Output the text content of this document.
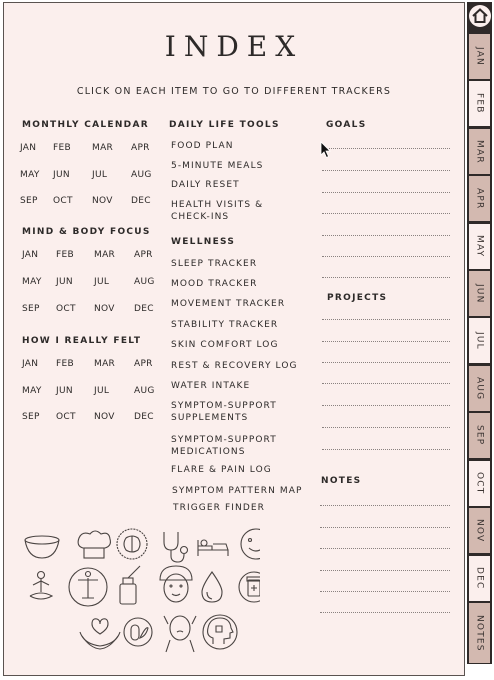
INDEX
CLICK ON EACH ITEM TO GO TO DIFFERENT TRACKERS
MONTHLY CALENDAR
JAN FEB MAR APR
MAY JUN JUL	AUG
SEP OCT NOV DEC
MIND & BODY FOCUS
JAN FEB MAR APR
MAY JUN JUL	AUG
SEP OCT NOV DEC
HOW I REALLY FELT
JAN FEB MAR APR
MAY JUN JUL	AUG
SEP OCT NOV DEC
DAILY LIFE TOOLS
FOOD PLAN
5-MINUTE MEALS
DAILY RESET
HEALTH VISITS &
CHECK-INS
WELLNESS
SLEEP TRACKER
MOOD TRACKER
MOVEMENT TRACKER
STABILITY TRACKER
SKIN COMFORT LOG
REST & RECOVERY LOG
WATER INTAKE
SYMPTOM-SUPPORT
SUPPLEMENTS
SYMPTOM-SUPPORT
MEDICATIONS
FLARE & PAIN LOG
SYMPTOM PATTERN MAP
TRIGGER FINDER
GOALS
PROJECTS
NOTES
JAN
FEB
MAR
APR
MAY
JUN
JUL
AUG
SEP
OCT
NOV
DEC
NOTES
